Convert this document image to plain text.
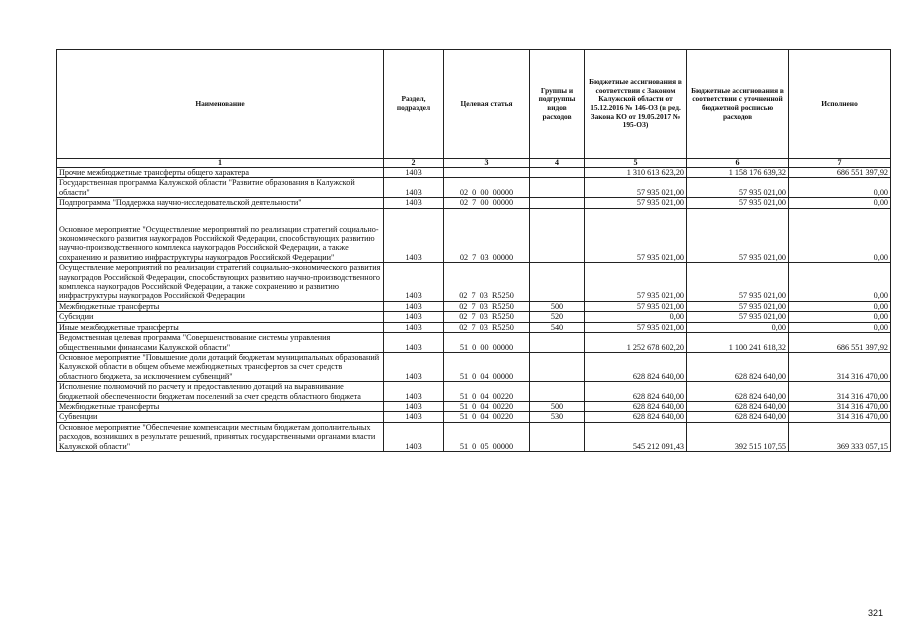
Наименование	Раздел, подраздел	Целевая статья	Группы и подгруппы видов расходов	Бюджетные ассигнования в соответствии с Законом Калужской области от 15.12.2016 № 146-ОЗ (в ред. Закона КО от 19.05.2017 № 195-ОЗ)	Бюджетные ассигнования в соответствии с уточненной бюджетной росписью расходов	Исполнено
1	2	3	4	5	6	7
Прочие межбюджетные трансферты общего характера	1403			1 310 613 623,20	1 158 176 639,32	686 551 397,92
Государственная программа Калужской области "Развитие образования в Калужской области"	1403	02  0  00  00000		57 935 021,00	57 935 021,00	0,00
Подпрограмма "Поддержка научно-исследовательской деятельности"	1403	02  7  00  00000		57 935 021,00	57 935 021,00	0,00
Основное мероприятие "Осуществление мероприятий по реализации стратегий социально-экономического развития наукоградов Российской Федерации, способствующих развитию научно-производственного комплекса наукоградов Российской Федерации, а также сохранению и развитию инфраструктуры наукоградов Российской Федерации"	1403	02  7  03  00000		57 935 021,00	57 935 021,00	0,00
Осуществление мероприятий по реализации стратегий социально-экономического развития наукоградов Российской Федерации, способствующих развитию научно-производственного комплекса наукоградов Российской Федерации, а также сохранению и развитию инфраструктуры наукоградов Российской Федерации	1403	02  7  03  R5250		57 935 021,00	57 935 021,00	0,00
Межбюджетные трансферты	1403	02  7  03  R5250	500	57 935 021,00	57 935 021,00	0,00
Субсидии	1403	02  7  03  R5250	520	0,00	57 935 021,00	0,00
Иные межбюджетные трансферты	1403	02  7  03  R5250	540	57 935 021,00	0,00	0,00
Ведомственная целевая программа "Совершенствование системы управления общественными финансами Калужской области"	1403	51  0  00  00000		1 252 678 602,20	1 100 241 618,32	686 551 397,92
Основное мероприятие "Повышение доли дотаций бюджетам муниципальных образований Калужской области в общем объеме межбюджетных трансфертов за счет средств областного бюджета, за исключением субвенций"	1403	51  0  04  00000		628 824 640,00	628 824 640,00	314 316 470,00
Исполнение полномочий по расчету и предоставлению дотаций на выравнивание бюджетной обеспеченности бюджетам поселений за счет средств областного бюджета	1403	51  0  04  00220		628 824 640,00	628 824 640,00	314 316 470,00
Межбюджетные трансферты	1403	51  0  04  00220	500	628 824 640,00	628 824 640,00	314 316 470,00
Субвенции	1403	51  0  04  00220	530	628 824 640,00	628 824 640,00	314 316 470,00
Основное мероприятие "Обеспечение компенсации местным бюджетам дополнительных расходов, возникших в результате решений, принятых государственными органами власти Калужской области"	1403	51  0  05  00000		545 212 091,43	392 515 107,55	369 333 057,15
321
